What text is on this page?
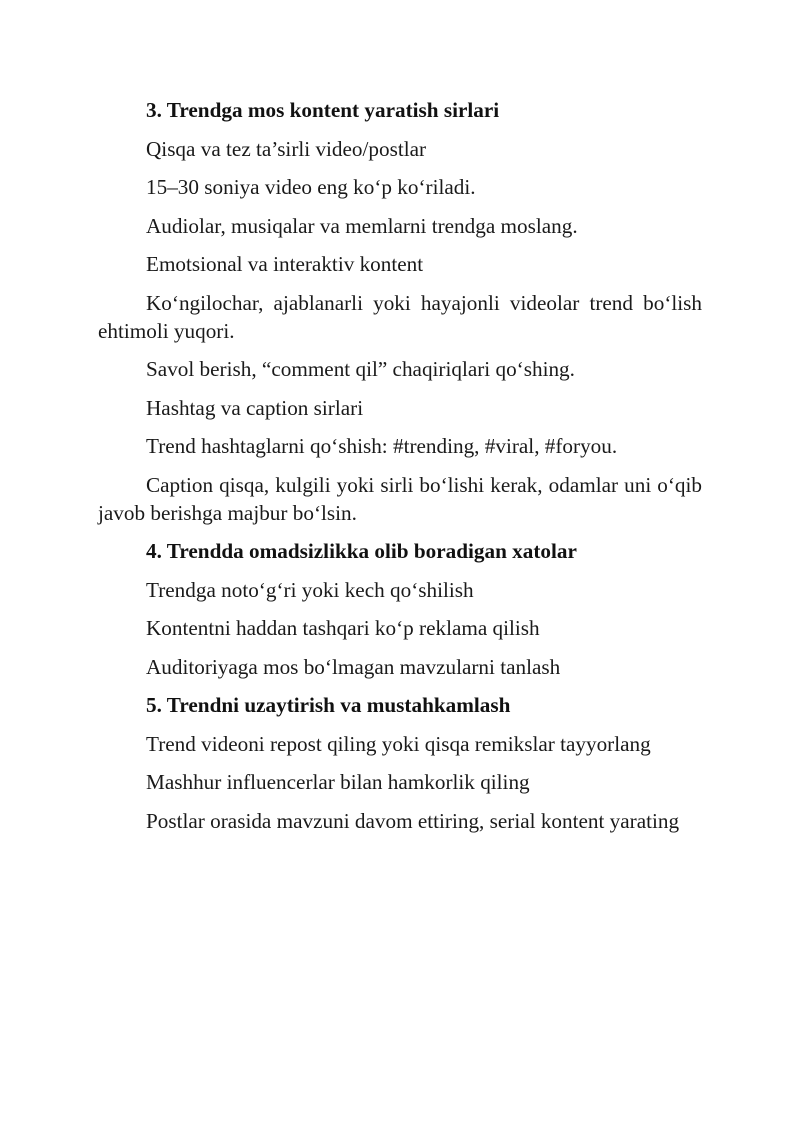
3. Trendga mos kontent yaratish sirlari

Qisqa va tez ta’sirli video/postlar

15–30 soniya video eng ko‘p ko‘riladi.

Audiolar, musiqalar va memlarni trendga moslang.

Emotsional va interaktiv kontent

Ko‘ngilochar, ajablanarli yoki hayajonli videolar trend bo‘lish ehtimoli yuqori.

Savol berish, “comment qil” chaqiriqlari qo‘shing.

Hashtag va caption sirlari

Trend hashtaglarni qo‘shish: #trending, #viral, #foryou.

Caption qisqa, kulgili yoki sirli bo‘lishi kerak, odamlar uni o‘qib javob berishga majbur bo‘lsin.

4. Trendda omadsizlikka olib boradigan xatolar

Trendga noto‘g‘ri yoki kech qo‘shilish

Kontentni haddan tashqari ko‘p reklama qilish

Auditoriyaga mos bo‘lmagan mavzularni tanlash

5. Trendni uzaytirish va mustahkamlash

Trend videoni repost qiling yoki qisqa remikslar tayyorlang

Mashhur influencerlar bilan hamkorlik qiling

Postlar orasida mavzuni davom ettiring, serial kontent yarating
